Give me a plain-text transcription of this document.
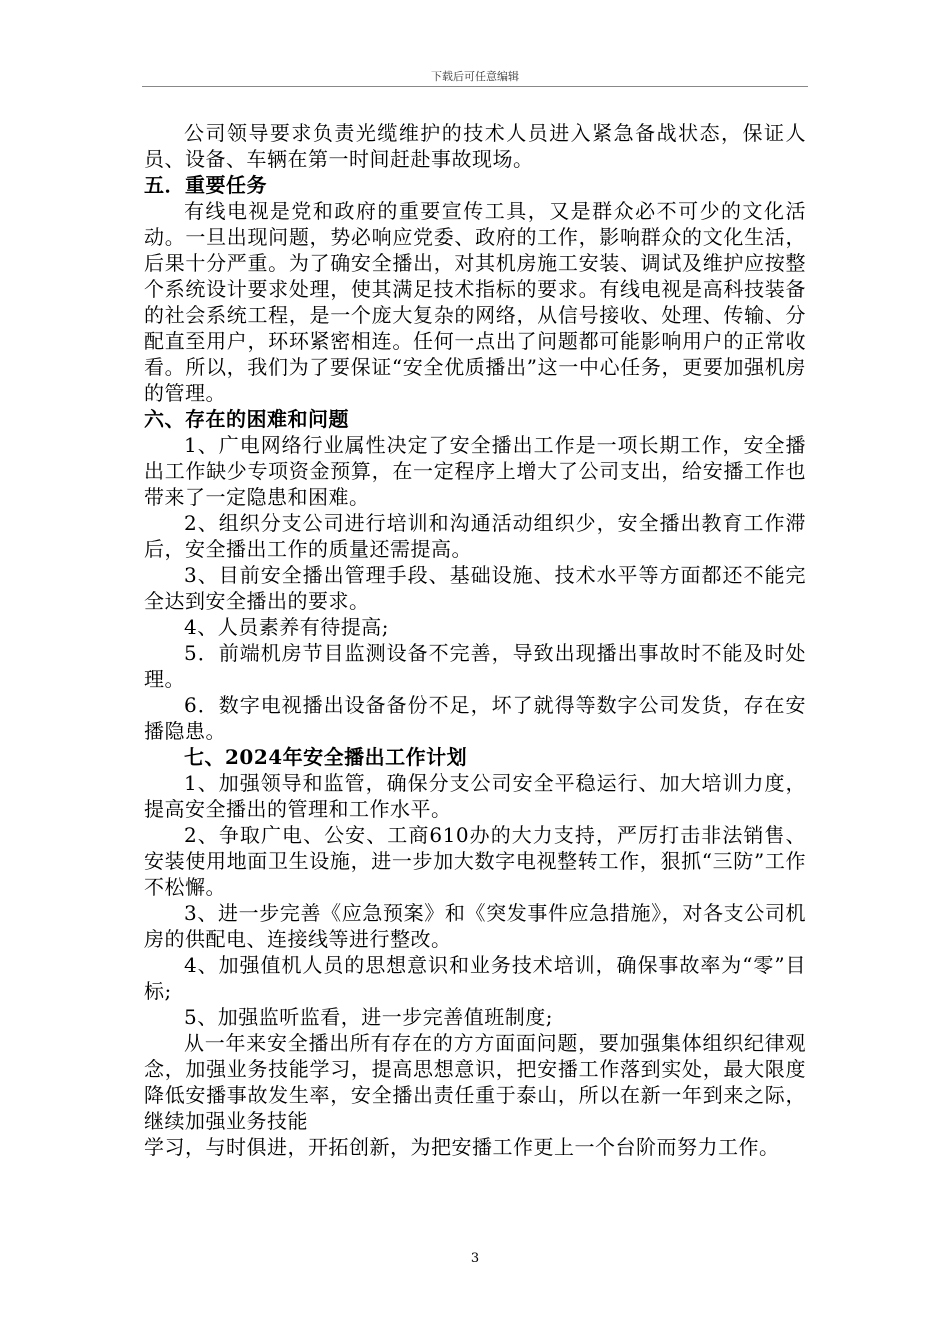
下载后可任意编辑

公司领导要求负责光缆维护的技术人员进入紧急备战状态，保证人员、设备、车辆在第一时间赶赴事故现场。

五．重要任务

有线电视是党和政府的重要宣传工具，又是群众必不可少的文化活动。一旦出现问题，势必响应党委、政府的工作，影响群众的文化生活，后果十分严重。为了确安全播出，对其机房施工安装、调试及维护应按整个系统设计要求处理，使其满足技术指标的要求。有线电视是高科技装备的社会系统工程，是一个庞大复杂的网络，从信号接收、处理、传输、分配直至用户，环环紧密相连。任何一点出了问题都可能影响用户的正常收看。所以，我们为了要保证“安全优质播出”这一中心任务，更要加强机房的管理。

六、存在的困难和问题

1、广电网络行业属性决定了安全播出工作是一项长期工作，安全播出工作缺少专项资金预算，在一定程序上增大了公司支出，给安播工作也带来了一定隐患和困难。

2、组织分支公司进行培训和沟通活动组织少，安全播出教育工作滞后，安全播出工作的质量还需提高。

3、目前安全播出管理手段、基础设施、技术水平等方面都还不能完全达到安全播出的要求。

4、人员素养有待提高;

5．前端机房节目监测设备不完善，导致出现播出事故时不能及时处理。

6．数字电视播出设备备份不足，坏了就得等数字公司发货，存在安播隐患。

七、2024年安全播出工作计划

1、加强领导和监管，确保分支公司安全平稳运行、加大培训力度，提高安全播出的管理和工作水平。

2、争取广电、公安、工商610办的大力支持，严厉打击非法销售、安装使用地面卫生设施，进一步加大数字电视整转工作，狠抓“三防”工作不松懈。

3、进一步完善《应急预案》和《突发事件应急措施》，对各支公司机房的供配电、连接线等进行整改。

4、加强值机人员的思想意识和业务技术培训，确保事故率为“零”目标;

5、加强监听监看，进一步完善值班制度;

从一年来安全播出所有存在的方方面面问题，要加强集体组织纪律观念，加强业务技能学习，提高思想意识，把安播工作落到实处，最大限度降低安播事故发生率，安全播出责任重于泰山，所以在新一年到来之际，继续加强业务技能

学习，与时俱进，开拓创新，为把安播工作更上一个台阶而努力工作。

3
